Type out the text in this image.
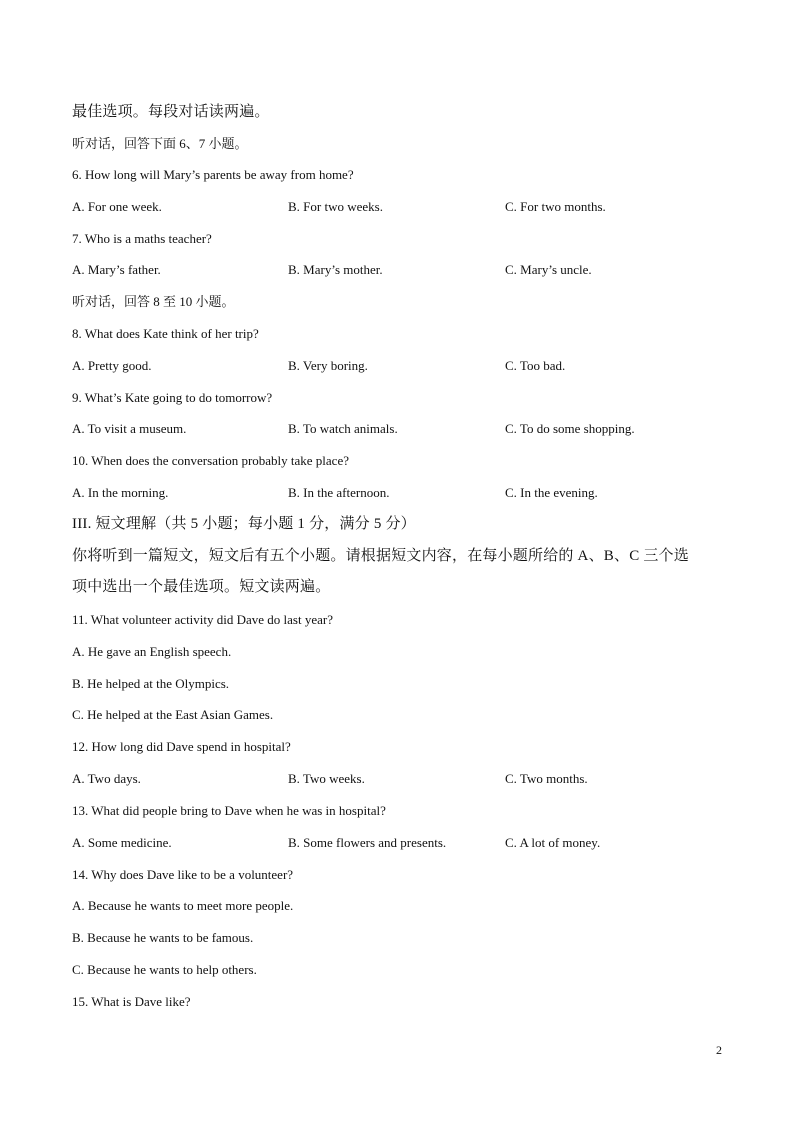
最佳选项。每段对话读两遍。
听对话，回答下面 6、7 小题。
6. How long will Mary’s parents be away from home?
A. For one week.	B. For two weeks.	C. For two months.
7. Who is a maths teacher?
A. Mary’s father.	B. Mary’s mother.	C. Mary’s uncle.
听对话，回答 8 至 10 小题。
8. What does Kate think of her trip?
A. Pretty good.	B. Very boring.	C. Too bad.
9. What’s Kate going to do tomorrow?
A. To visit a museum.	B. To watch animals.	C. To do some shopping.
10. When does the conversation probably take place?
A. In the morning.	B. In the afternoon.	C. In the evening.
III. 短文理解（共 5 小题；每小题 1 分，满分 5 分）
你将听到一篇短文，短文后有五个小题。请根据短文内容，在每小题所给的 A、B、C 三个选
项中选出一个最佳选项。短文读两遍。
11. What volunteer activity did Dave do last year?
A. He gave an English speech.
B. He helped at the Olympics.
C. He helped at the East Asian Games.
12. How long did Dave spend in hospital?
A. Two days.	B. Two weeks.	C. Two months.
13. What did people bring to Dave when he was in hospital?
A. Some medicine.	B. Some flowers and presents.	C. A lot of money.
14. Why does Dave like to be a volunteer?
A. Because he wants to meet more people.
B. Because he wants to be famous.
C. Because he wants to help others.
15. What is Dave like?
2
